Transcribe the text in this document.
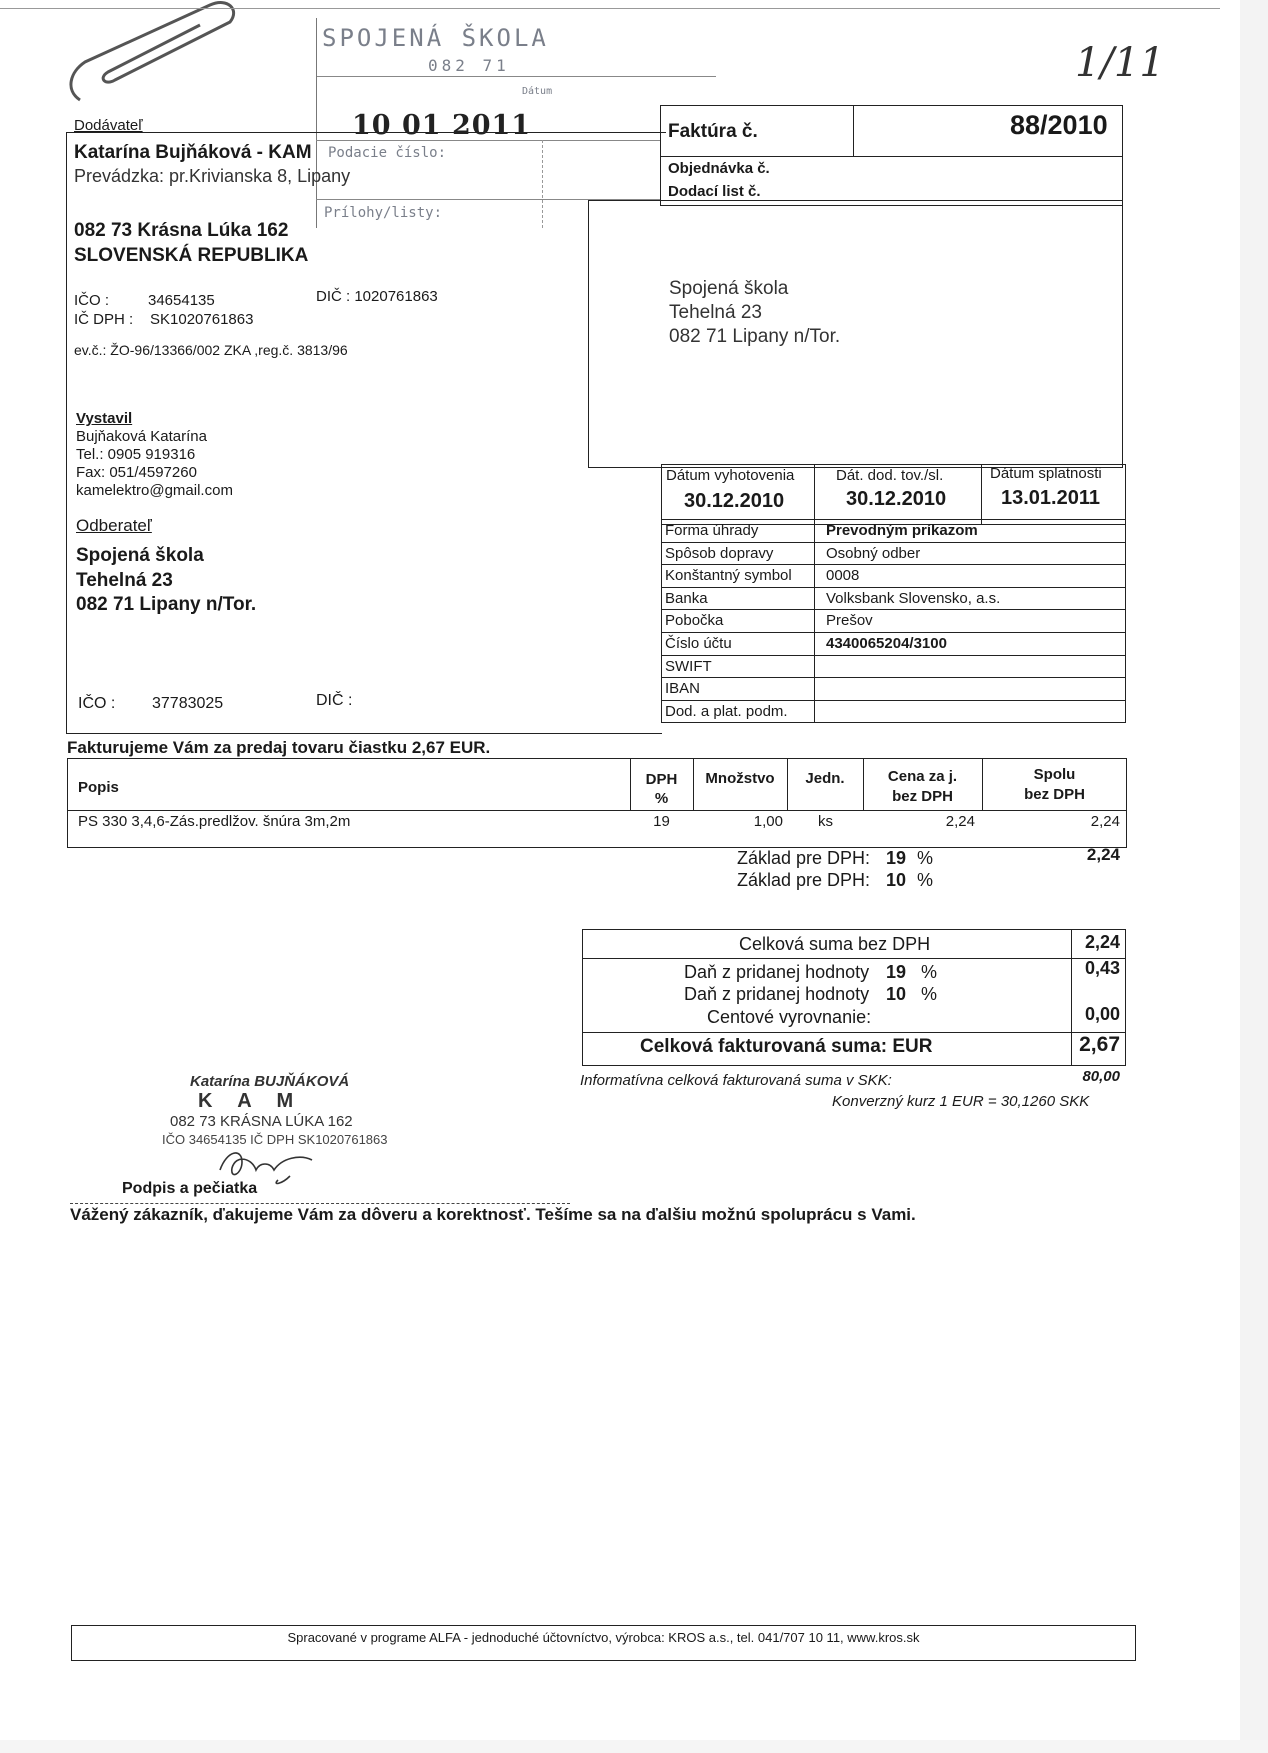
1/11
SPOJENÁ ŠKOLA
082 71
Dátum
10 01 2011
Podacie číslo:
Prílohy/listy:
Dodávateľ
Katarína Bujňáková - KAM
Prevádzka: pr.Krivianska 8, Lipany
082 73 Krásna Lúka 162
SLOVENSKÁ REPUBLIKA
IČO :	34654135	DIČ : 1020761863
IČ DPH : SK1020761863
ev.č.: ŽO-96/13366/002 ZKA ,reg.č. 3813/96
Vystavil
Bujňaková Katarína
Tel.: 0905 919316
Fax: 051/4597260
kamelektro@gmail.com
Odberateľ
Spojená škola
Tehelná 23
082 71 Lipany n/Tor.
IČO : 37783025	DIČ :
Faktúra č.	88/2010
Objednávka č.
Dodací list č.
Spojená škola
Tehelná 23
082 71 Lipany n/Tor.
Dátum vyhotovenia
30.12.2010
Dát. dod. tov./sl.
30.12.2010
Dátum splatnosti
13.01.2011
Forma úhrady	Prevodným príkazom
Spôsob dopravy	Osobný odber
Konštantný symbol 0008
Banka	Volksbank Slovensko, a.s.
Pobočka	Prešov
Číslo účtu	4340065204/3100
SWIFT
IBAN
Dod. a plat. podm.
Fakturujeme Vám za predaj tovaru čiastku 2,67 EUR.
Popis	DPH
%
Množstvo	Jedn.	Cena za j.
bez DPH
Spolu
bez DPH
PS 330 3,4,6-Zás.predlžov. šnúra 3m,2m	19	1,00 ks	2,24	2,24
Základ pre DPH: 19 %	2,24
Základ pre DPH: 10 %
Celková suma bez DPH	2,24
Daň z pridanej hodnoty 19 %	0,43
Daň z pridanej hodnoty 10 %
Centové vyrovnanie:	0,00
Celková fakturovaná suma: EUR	2,67
Informatívna celková fakturovaná suma v SKK:	80,00
Konverzný kurz 1 EUR = 30,1260 SKK
Katarína BUJŇÁKOVÁ
K A M
082 73 KRÁSNA LÚKA 162
IČO 34654135 IČ DPH SK1020761863
Podpis a pečiatka
Vážený zákazník, ďakujeme Vám za dôveru a korektnosť. Tešíme sa na ďalšiu možnú spoluprácu s Vami.
Spracované v programe ALFA - jednoduché účtovníctvo, výrobca: KROS a.s., tel. 041/707 10 11, www.kros.sk
